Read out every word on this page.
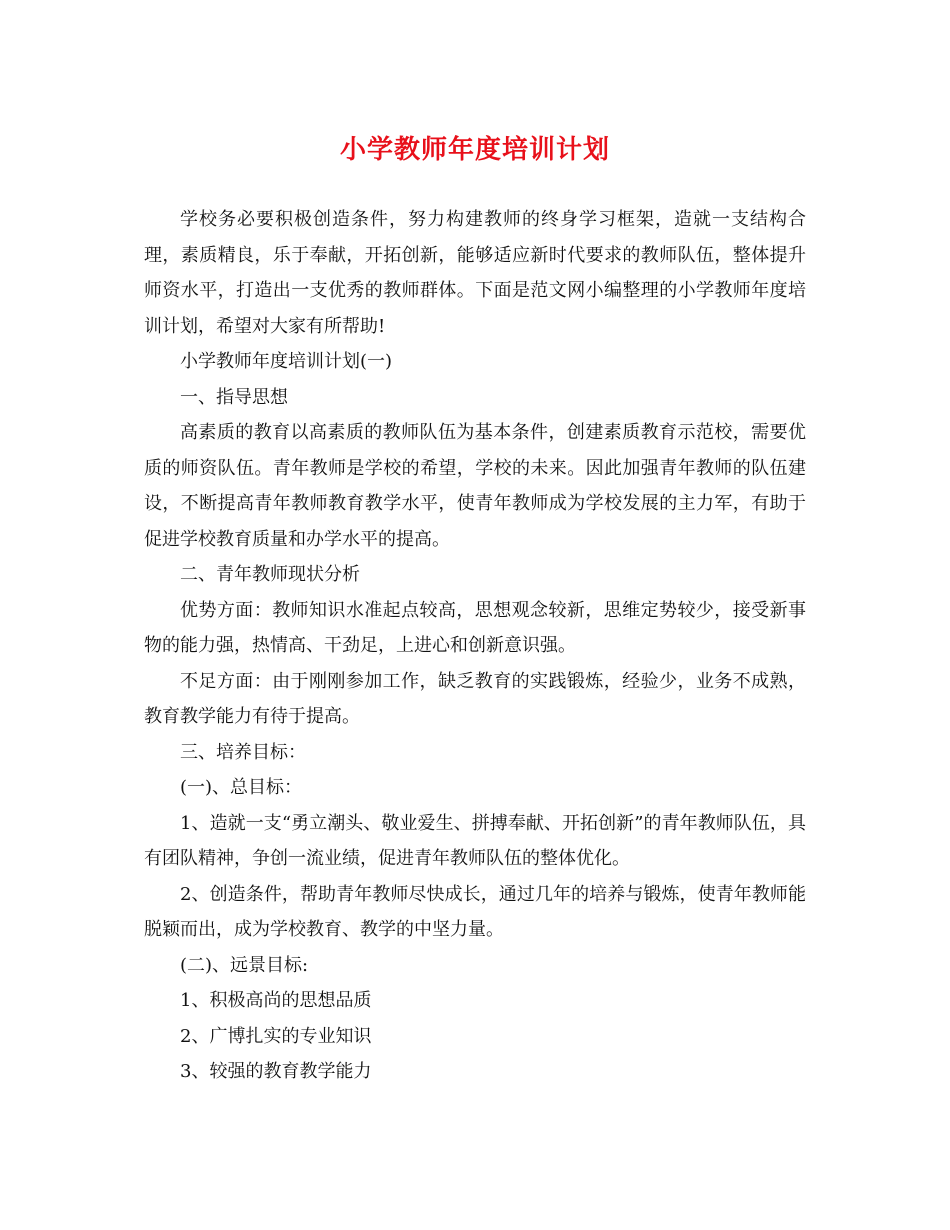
小学教师年度培训计划

学校务必要积极创造条件，努力构建教师的终身学习框架，造就一支结构合理，素质精良，乐于奉献，开拓创新，能够适应新时代要求的教师队伍，整体提升师资水平，打造出一支优秀的教师群体。下面是范文网小编整理的小学教师年度培训计划，希望对大家有所帮助!

小学教师年度培训计划(一)

一、指导思想

高素质的教育以高素质的教师队伍为基本条件，创建素质教育示范校，需要优质的师资队伍。青年教师是学校的希望，学校的未来。因此加强青年教师的队伍建设，不断提高青年教师教育教学水平，使青年教师成为学校发展的主力军，有助于促进学校教育质量和办学水平的提高。

二、青年教师现状分析

优势方面：教师知识水准起点较高，思想观念较新，思维定势较少，接受新事物的能力强，热情高、干劲足，上进心和创新意识强。

不足方面：由于刚刚参加工作，缺乏教育的实践锻炼，经验少，业务不成熟，教育教学能力有待于提高。

三、培养目标：

(一)、总目标：

1、造就一支“勇立潮头、敬业爱生、拼搏奉献、开拓创新”的青年教师队伍，具有团队精神，争创一流业绩，促进青年教师队伍的整体优化。

2、创造条件，帮助青年教师尽快成长，通过几年的培养与锻炼，使青年教师能脱颖而出，成为学校教育、教学的中坚力量。

(二)、远景目标:

1、积极高尚的思想品质

2、广博扎实的专业知识

3、较强的教育教学能力
